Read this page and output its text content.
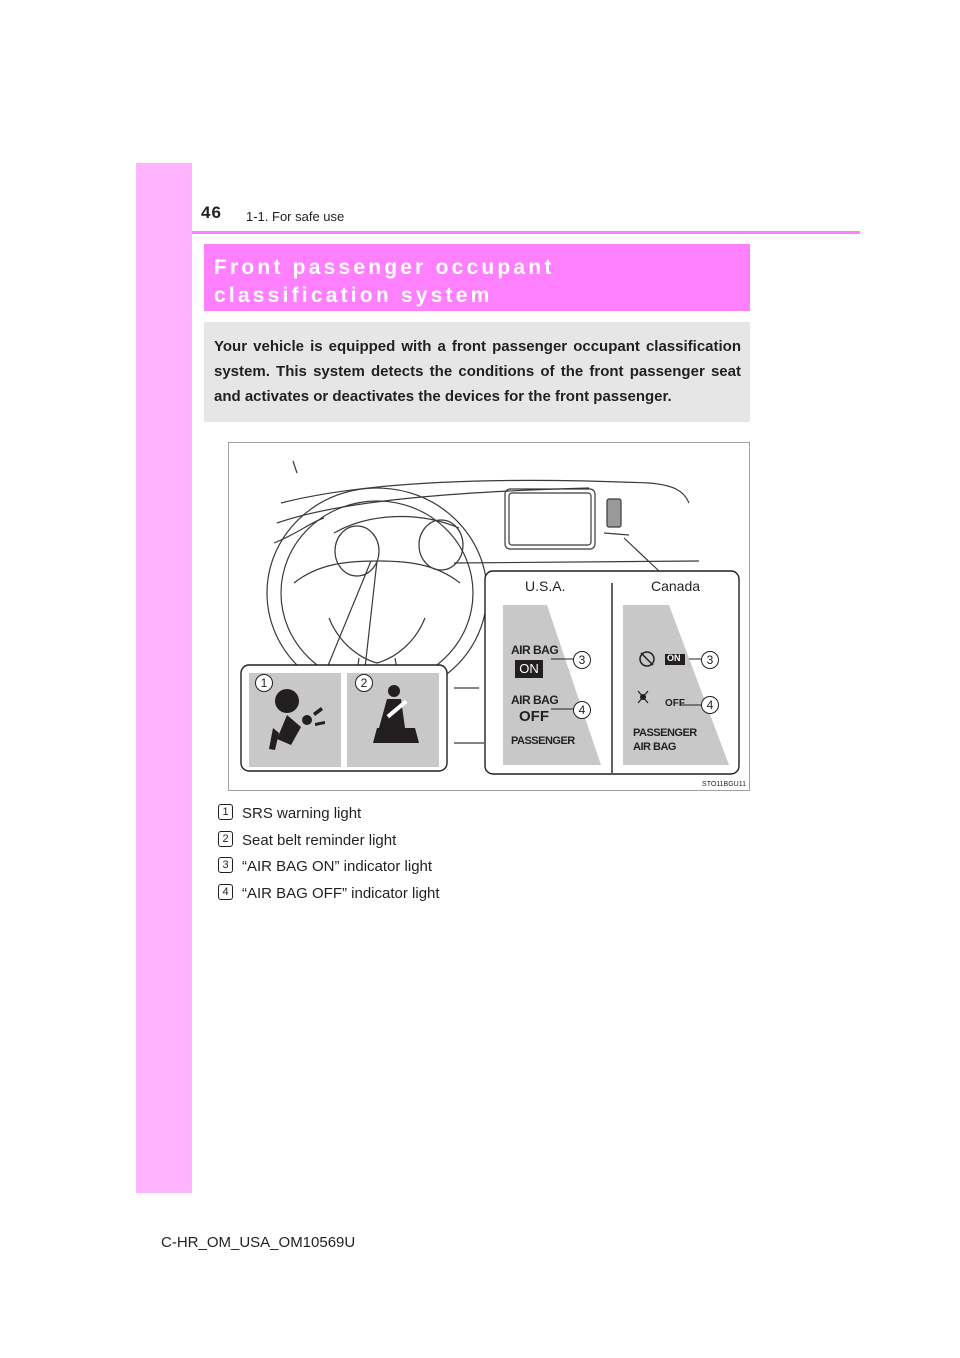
46 1-1. For safe use
Front passenger occupant classification system
Your vehicle is equipped with a front passenger occupant classification system. This system detects the conditions of the front passenger seat and activates or deactivates the devices for the front passenger.
1	2
3
4
3
4
U.S.A.	Canada
AIR BAG
ON
AIR BAG
OFF
PASSENGER
ON
OFF
PASSENGER
AIR BAG
STO11BGU11
1 SRS warning light
2 Seat belt reminder light
3 “AIR BAG ON” indicator light
4 “AIR BAG OFF” indicator light
C-HR_OM_USA_OM10569U
